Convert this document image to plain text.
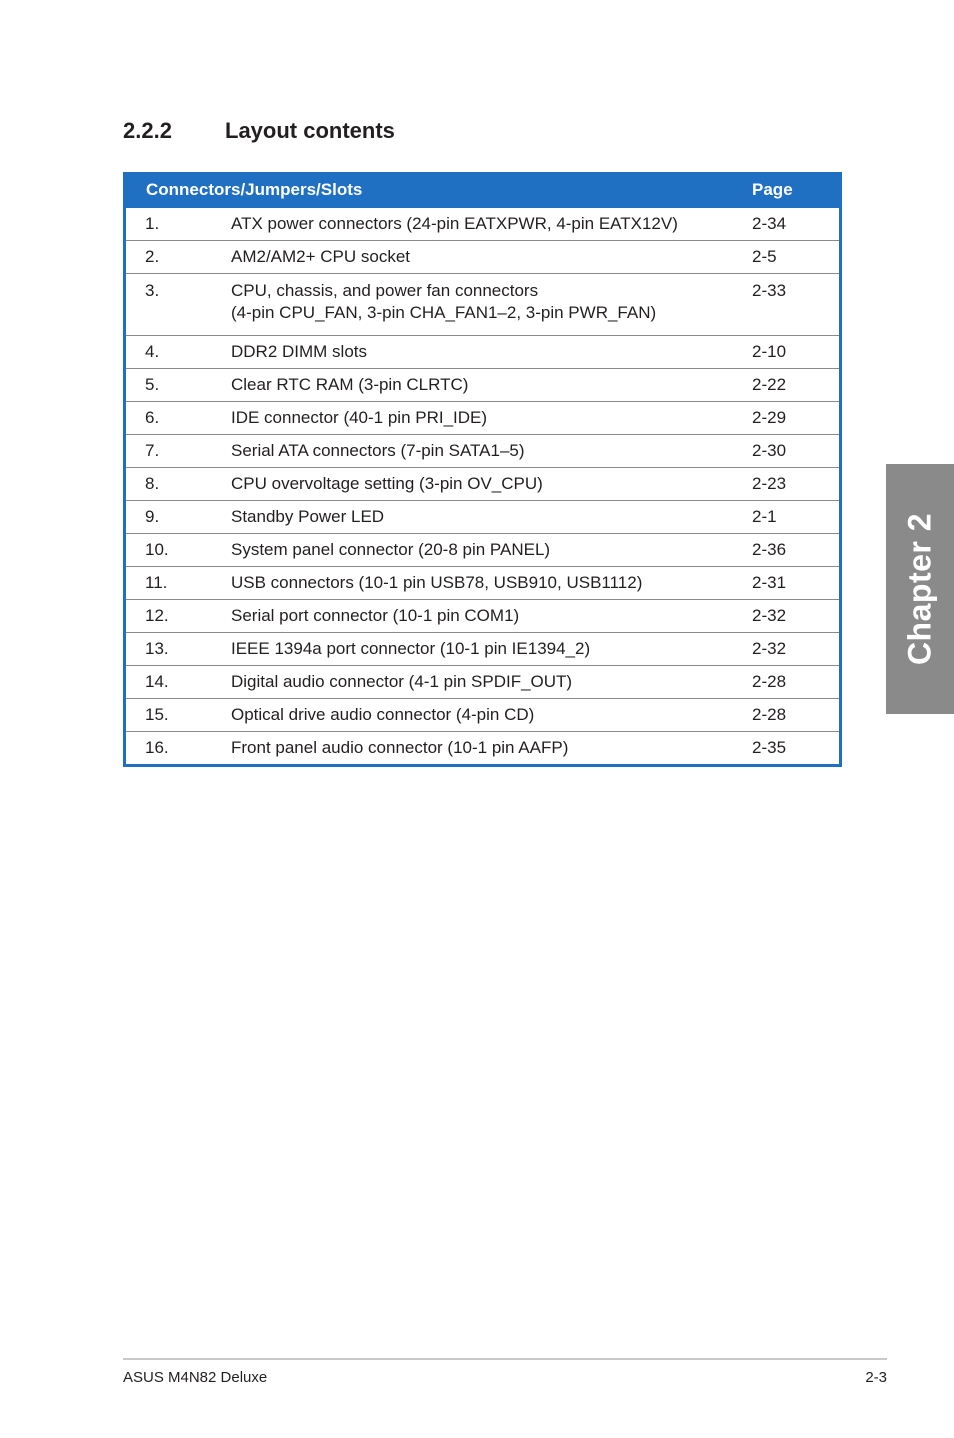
2.2.2 Layout contents
Connectors/Jumpers/Slots		Page
1.	ATX power connectors (24-pin EATXPWR, 4-pin EATX12V)	2-34
2.	AM2/AM2+ CPU socket	2-5
3.	CPU, chassis, and power fan connectors
(4-pin CPU_FAN, 3-pin CHA_FAN1–2, 3-pin PWR_FAN)	2-33
4.	DDR2 DIMM slots	2-10
5.	Clear RTC RAM (3-pin CLRTC)	2-22
6.	IDE connector (40-1 pin PRI_IDE)	2-29
7.	Serial ATA connectors (7-pin SATA1–5)	2-30
8.	CPU overvoltage setting (3-pin OV_CPU)	2-23
9.	Standby Power LED	2-1
10.	System panel connector (20-8 pin PANEL)	2-36
11.	USB connectors (10-1 pin USB78, USB910, USB1112)	2-31
12.	Serial port connector (10-1 pin COM1)	2-32
13.	IEEE 1394a port connector (10-1 pin IE1394_2)	2-32
14.	Digital audio connector (4-1 pin SPDIF_OUT)	2-28
15.	Optical drive audio connector (4-pin CD)	2-28
16.	Front panel audio connector (10-1 pin AAFP)	2-35
Chapter 2
ASUS M4N82 Deluxe	2-3
